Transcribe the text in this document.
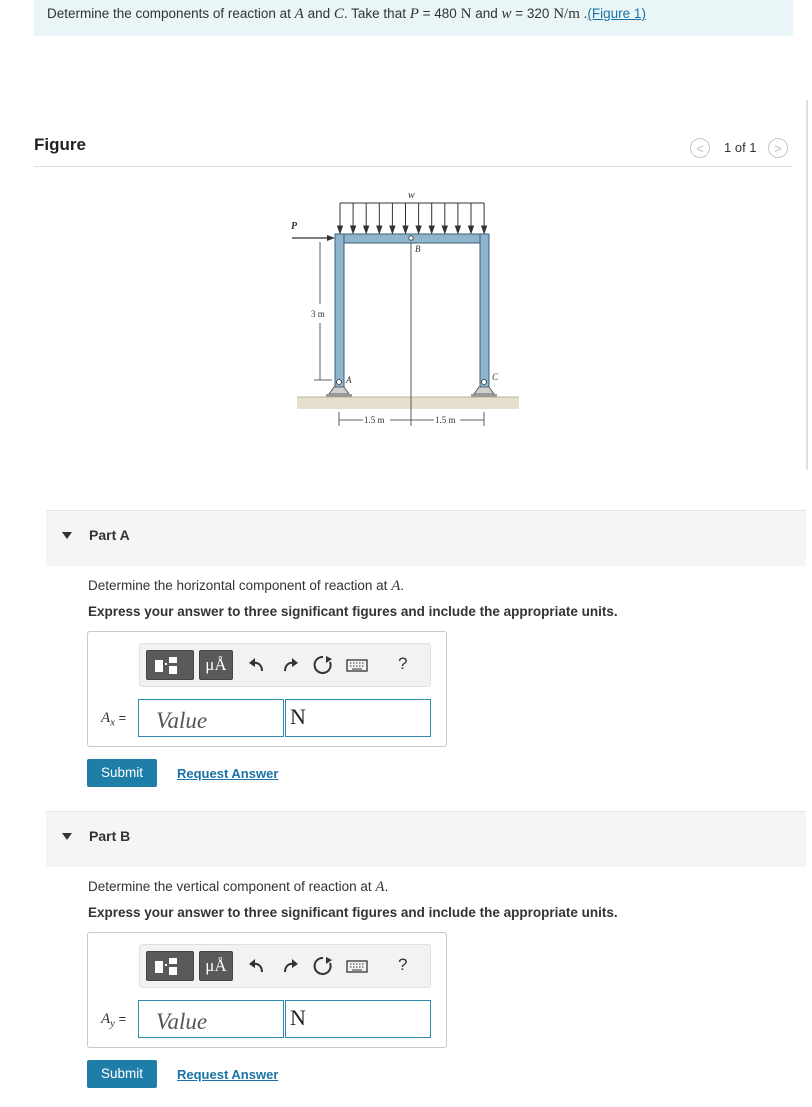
Determine the components of reaction at A and C. Take that P = 480 N and w = 320 N/m .(Figure 1)
Figure	<	1 of 1	>
w
P
B
3 m
A	C
1.5 m	1.5 m
Part A
Determine the horizontal component of reaction at A.
Express your answer to three significant figures and include the appropriate units.
μÅ	?
$A_x$ =
Value	N
Submit	Request Answer
Part B
Determine the vertical component of reaction at A.
Express your answer to three significant figures and include the appropriate units.
μÅ	?
$A_y$ =
Value	N
Submit	Request Answer
